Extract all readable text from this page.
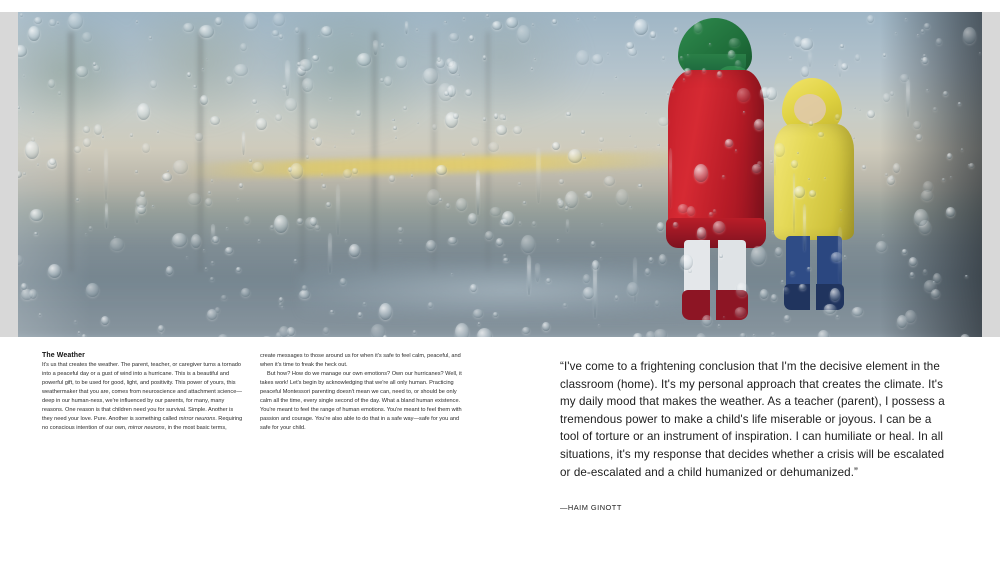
The Weather

It's us that creates the weather. The parent, teacher, or caregiver turns a tornado into a peaceful day or a gust of wind into a hurricane. This is a beautiful and powerful gift, to be used for good, light, and positivity. This power of yours, this weathermaker that you are, comes from neuroscience and attachment science—deep in our human-ness, we're influenced by our parents, for many, many reasons. One reason is that children need you for survival. Simple. Another is they need your love. Pure. Another is something called mirror neurons. Requiring no conscious intention of our own, mirror neurons, in the most basic terms,

create messages to those around us for when it's safe to feel calm, peaceful, and when it's time to freak the heck out.

But how? How do we manage our own emotions? Own our hurricanes? Well, it takes work! Let's begin by acknowledging that we're all only human. Practicing peaceful Montessori parenting doesn't mean we can, need to, or should be only calm all the time, every single second of the day. What a bland human existence. You're meant to feel the range of human emotions. You're meant to feel them with passion and courage. You're also able to do that in a safe way—safe for you and safe for your child.

“I've come to a frightening conclusion that I'm the decisive element in the classroom (home). It's my personal approach that creates the climate. It's my daily mood that makes the weather. As a teacher (parent), I possess a tremendous power to make a child's life miserable or joyous. I can be a tool of torture or an instrument of inspiration. I can humiliate or heal. In all situations, it's my response that decides whether a crisis will be escalated or de-escalated and a child humanized or dehumanized.”

—HAIM GINOTT
